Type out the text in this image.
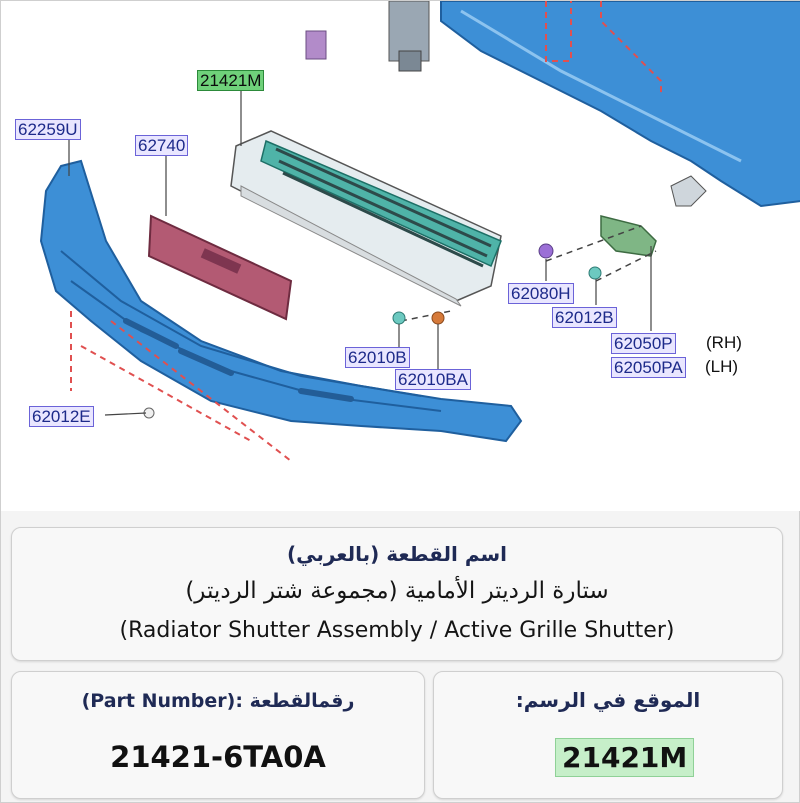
62259U
62740
21421M
62080H
62012B
62050P
62050PA
62010B
62010BA
62012E
(RH)
(LH)
اسم القطعة (بالعربي)
ستارة الرديتر الأمامية (مجموعة شتر الرديتر)
(Radiator Shutter Assembly / Active Grille Shutter)
(Part Number): رقمالقطعة
21421-6TA0A
الموقع في الرسم:
21421M
